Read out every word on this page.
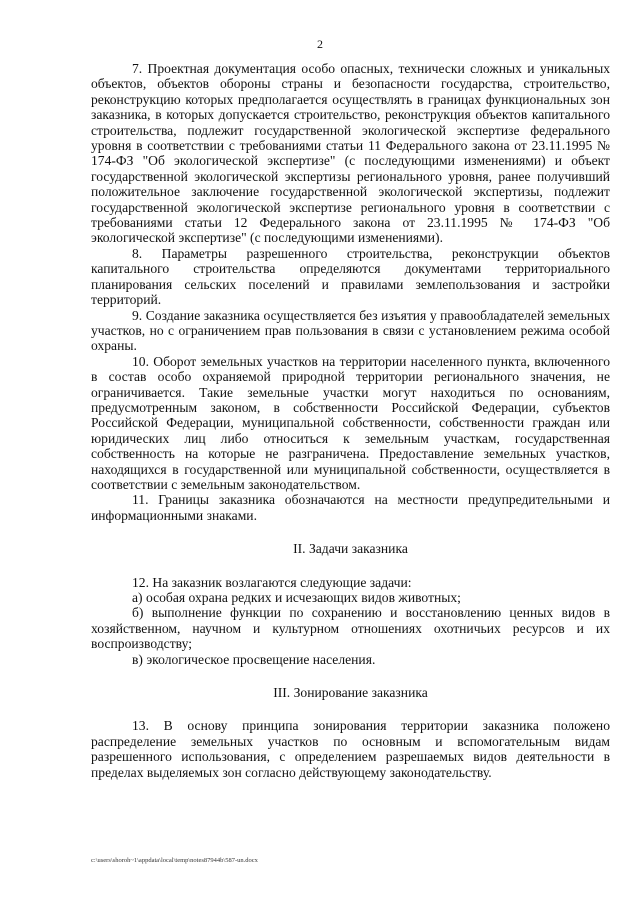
2

7. Проектная документация особо опасных, технически сложных и уникальных объектов, объектов обороны страны и безопасности государства, строительство, реконструкцию которых предполагается осуществлять в границах функциональных зон заказника, в которых допускается строительство, реконструкция объектов капитального строительства, подлежит государственной экологической экспертизе федерального уровня в соответствии с требованиями статьи 11 Федерального закона от 23.11.1995 № 174-ФЗ "Об экологической экспертизе" (с последующими изменениями) и объект государственной экологической экспертизы регионального уровня, ранее получивший положительное заключение государственной экологической экспертизы, подлежит государственной экологической экспертизе регионального уровня в соответствии с требованиями статьи 12 Федерального закона от 23.11.1995 № 174-ФЗ "Об экологической экспертизе" (с последующими изменениями).

8. Параметры разрешенного строительства, реконструкции объектов капитального строительства определяются документами территориального планирования сельских поселений и правилами землепользования и застройки территорий.

9. Создание заказника осуществляется без изъятия у правообладателей земельных участков, но с ограничением прав пользования в связи с установлением режима особой охраны.

10. Оборот земельных участков на территории населенного пункта, включенного в состав особо охраняемой природной территории регионального значения, не ограничивается. Такие земельные участки могут находиться по основаниям, предусмотренным законом, в собственности Российской Федерации, субъектов Российской Федерации, муниципальной собственности, собственности граждан или юридических лиц либо относиться к земельным участкам, государственная собственность на которые не разграничена. Предоставление земельных участков, находящихся в государственной или муниципальной собственности, осуществляется в соответствии с земельным законодательством.

11. Границы заказника обозначаются на местности предупредительными и информационными знаками.

II. Задачи заказника

12. На заказник возлагаются следующие задачи:

а) особая охрана редких и исчезающих видов животных;

б) выполнение функции по сохранению и восстановлению ценных видов в хозяйственном, научном и культурном отношениях охотничьих ресурсов и их воспроизводству;

в) экологическое просвещение населения.

III. Зонирование заказника

13. В основу принципа зонирования территории заказника положено распределение земельных участков по основным и вспомогательным видам разрешенного использования, с определением разрешаемых видов деятельности в пределах выделяемых зон согласно действующему законодательству.

c:\users\shoroh~1\appdata\local\temp\notes87944b\587-un.docx
